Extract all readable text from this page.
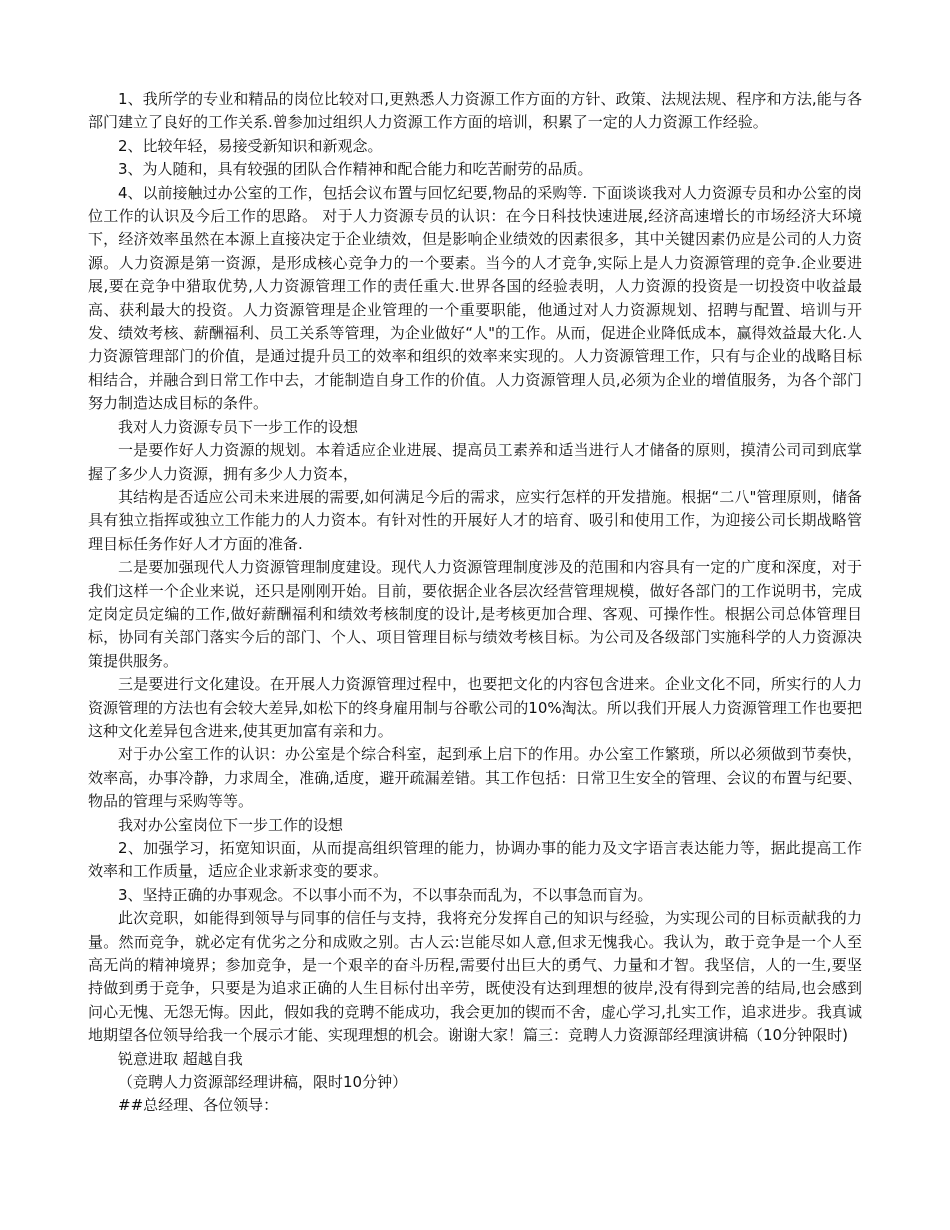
1、我所学的专业和精品的岗位比较对口,更熟悉人力资源工作方面的方针、政策、法规法规、程序和方法,能与各部门建立了良好的工作关系.曾参加过组织人力资源工作方面的培训，积累了一定的人力资源工作经验。

2、比较年轻，易接受新知识和新观念。

3、为人随和，具有较强的团队合作精神和配合能力和吃苦耐劳的品质。

4、以前接触过办公室的工作，包括会议布置与回忆纪要,物品的采购等. 下面谈谈我对人力资源专员和办公室的岗位工作的认识及今后工作的思路。 对于人力资源专员的认识：在今日科技快速进展,经济高速增长的市场经济大环境下，经济效率虽然在本源上直接决定于企业绩效，但是影响企业绩效的因素很多，其中关键因素仍应是公司的人力资源。人力资源是第一资源，是形成核心竞争力的一个要素。当今的人才竞争,实际上是人力资源管理的竞争.企业要进展,要在竞争中猎取优势,人力资源管理工作的责任重大.世界各国的经验表明，人力资源的投资是一切投资中收益最高、获利最大的投资。人力资源管理是企业管理的一个重要职能，他通过对人力资源规划、招聘与配置、培训与开发、绩效考核、薪酬福利、员工关系等管理，为企业做好“人"的工作。从而，促进企业降低成本，赢得效益最大化.人力资源管理部门的价值，是通过提升员工的效率和组织的效率来实现的。人力资源管理工作，只有与企业的战略目标相结合，并融合到日常工作中去，才能制造自身工作的价值。人力资源管理人员,必须为企业的增值服务，为各个部门努力制造达成目标的条件。

我对人力资源专员下一步工作的设想

一是要作好人力资源的规划。本着适应企业进展、提高员工素养和适当进行人才储备的原则，摸清公司司到底掌握了多少人力资源，拥有多少人力资本，

其结构是否适应公司未来进展的需要,如何满足今后的需求，应实行怎样的开发措施。根据“二八"管理原则，储备具有独立指挥或独立工作能力的人力资本。有针对性的开展好人才的培育、吸引和使用工作，为迎接公司长期战略管理目标任务作好人才方面的准备.

二是要加强现代人力资源管理制度建设。现代人力资源管理制度涉及的范围和内容具有一定的广度和深度，对于我们这样一个企业来说，还只是刚刚开始。目前，要依据企业各层次经营管理规模，做好各部门的工作说明书，完成定岗定员定编的工作,做好薪酬福利和绩效考核制度的设计,是考核更加合理、客观、可操作性。根据公司总体管理目标，协同有关部门落实今后的部门、个人、项目管理目标与绩效考核目标。为公司及各级部门实施科学的人力资源决策提供服务。

三是要进行文化建设。在开展人力资源管理过程中，也要把文化的内容包含进来。企业文化不同，所实行的人力资源管理的方法也有会较大差异,如松下的终身雇用制与谷歌公司的10%淘汰。所以我们开展人力资源管理工作也要把这种文化差异包含进来,使其更加富有亲和力。

对于办公室工作的认识：办公室是个综合科室，起到承上启下的作用。办公室工作繁琐，所以必须做到节奏快，效率高，办事冷静，力求周全，准确,适度，避开疏漏差错。其工作包括：日常卫生安全的管理、会议的布置与纪要、物品的管理与采购等等。

我对办公室岗位下一步工作的设想

2、加强学习，拓宽知识面，从而提高组织管理的能力，协调办事的能力及文字语言表达能力等，据此提高工作效率和工作质量，适应企业求新求变的要求。

3、坚持正确的办事观念。不以事小而不为，不以事杂而乱为，不以事急而盲为。

此次竞职，如能得到领导与同事的信任与支持，我将充分发挥自己的知识与经验，为实现公司的目标贡献我的力量。然而竞争，就必定有优劣之分和成败之别。古人云:岂能尽如人意,但求无愧我心。我认为，敢于竞争是一个人至高无尚的精神境界；参加竞争，是一个艰辛的奋斗历程,需要付出巨大的勇气、力量和才智。我坚信，人的一生,要坚持做到勇于竞争，只要是为追求正确的人生目标付出辛劳，既使没有达到理想的彼岸,没有得到完善的结局,也会感到问心无愧、无怨无悔。因此，假如我的竞聘不能成功，我会更加的锲而不舍，虚心学习,扎实工作，追求进步。我真诚地期望各位领导给我一个展示才能、实现理想的机会。谢谢大家！篇三：竞聘人力资源部经理演讲稿（10分钟限时)

锐意进取 超越自我

（竞聘人力资源部经理讲稿，限时10分钟）

##总经理、各位领导：
